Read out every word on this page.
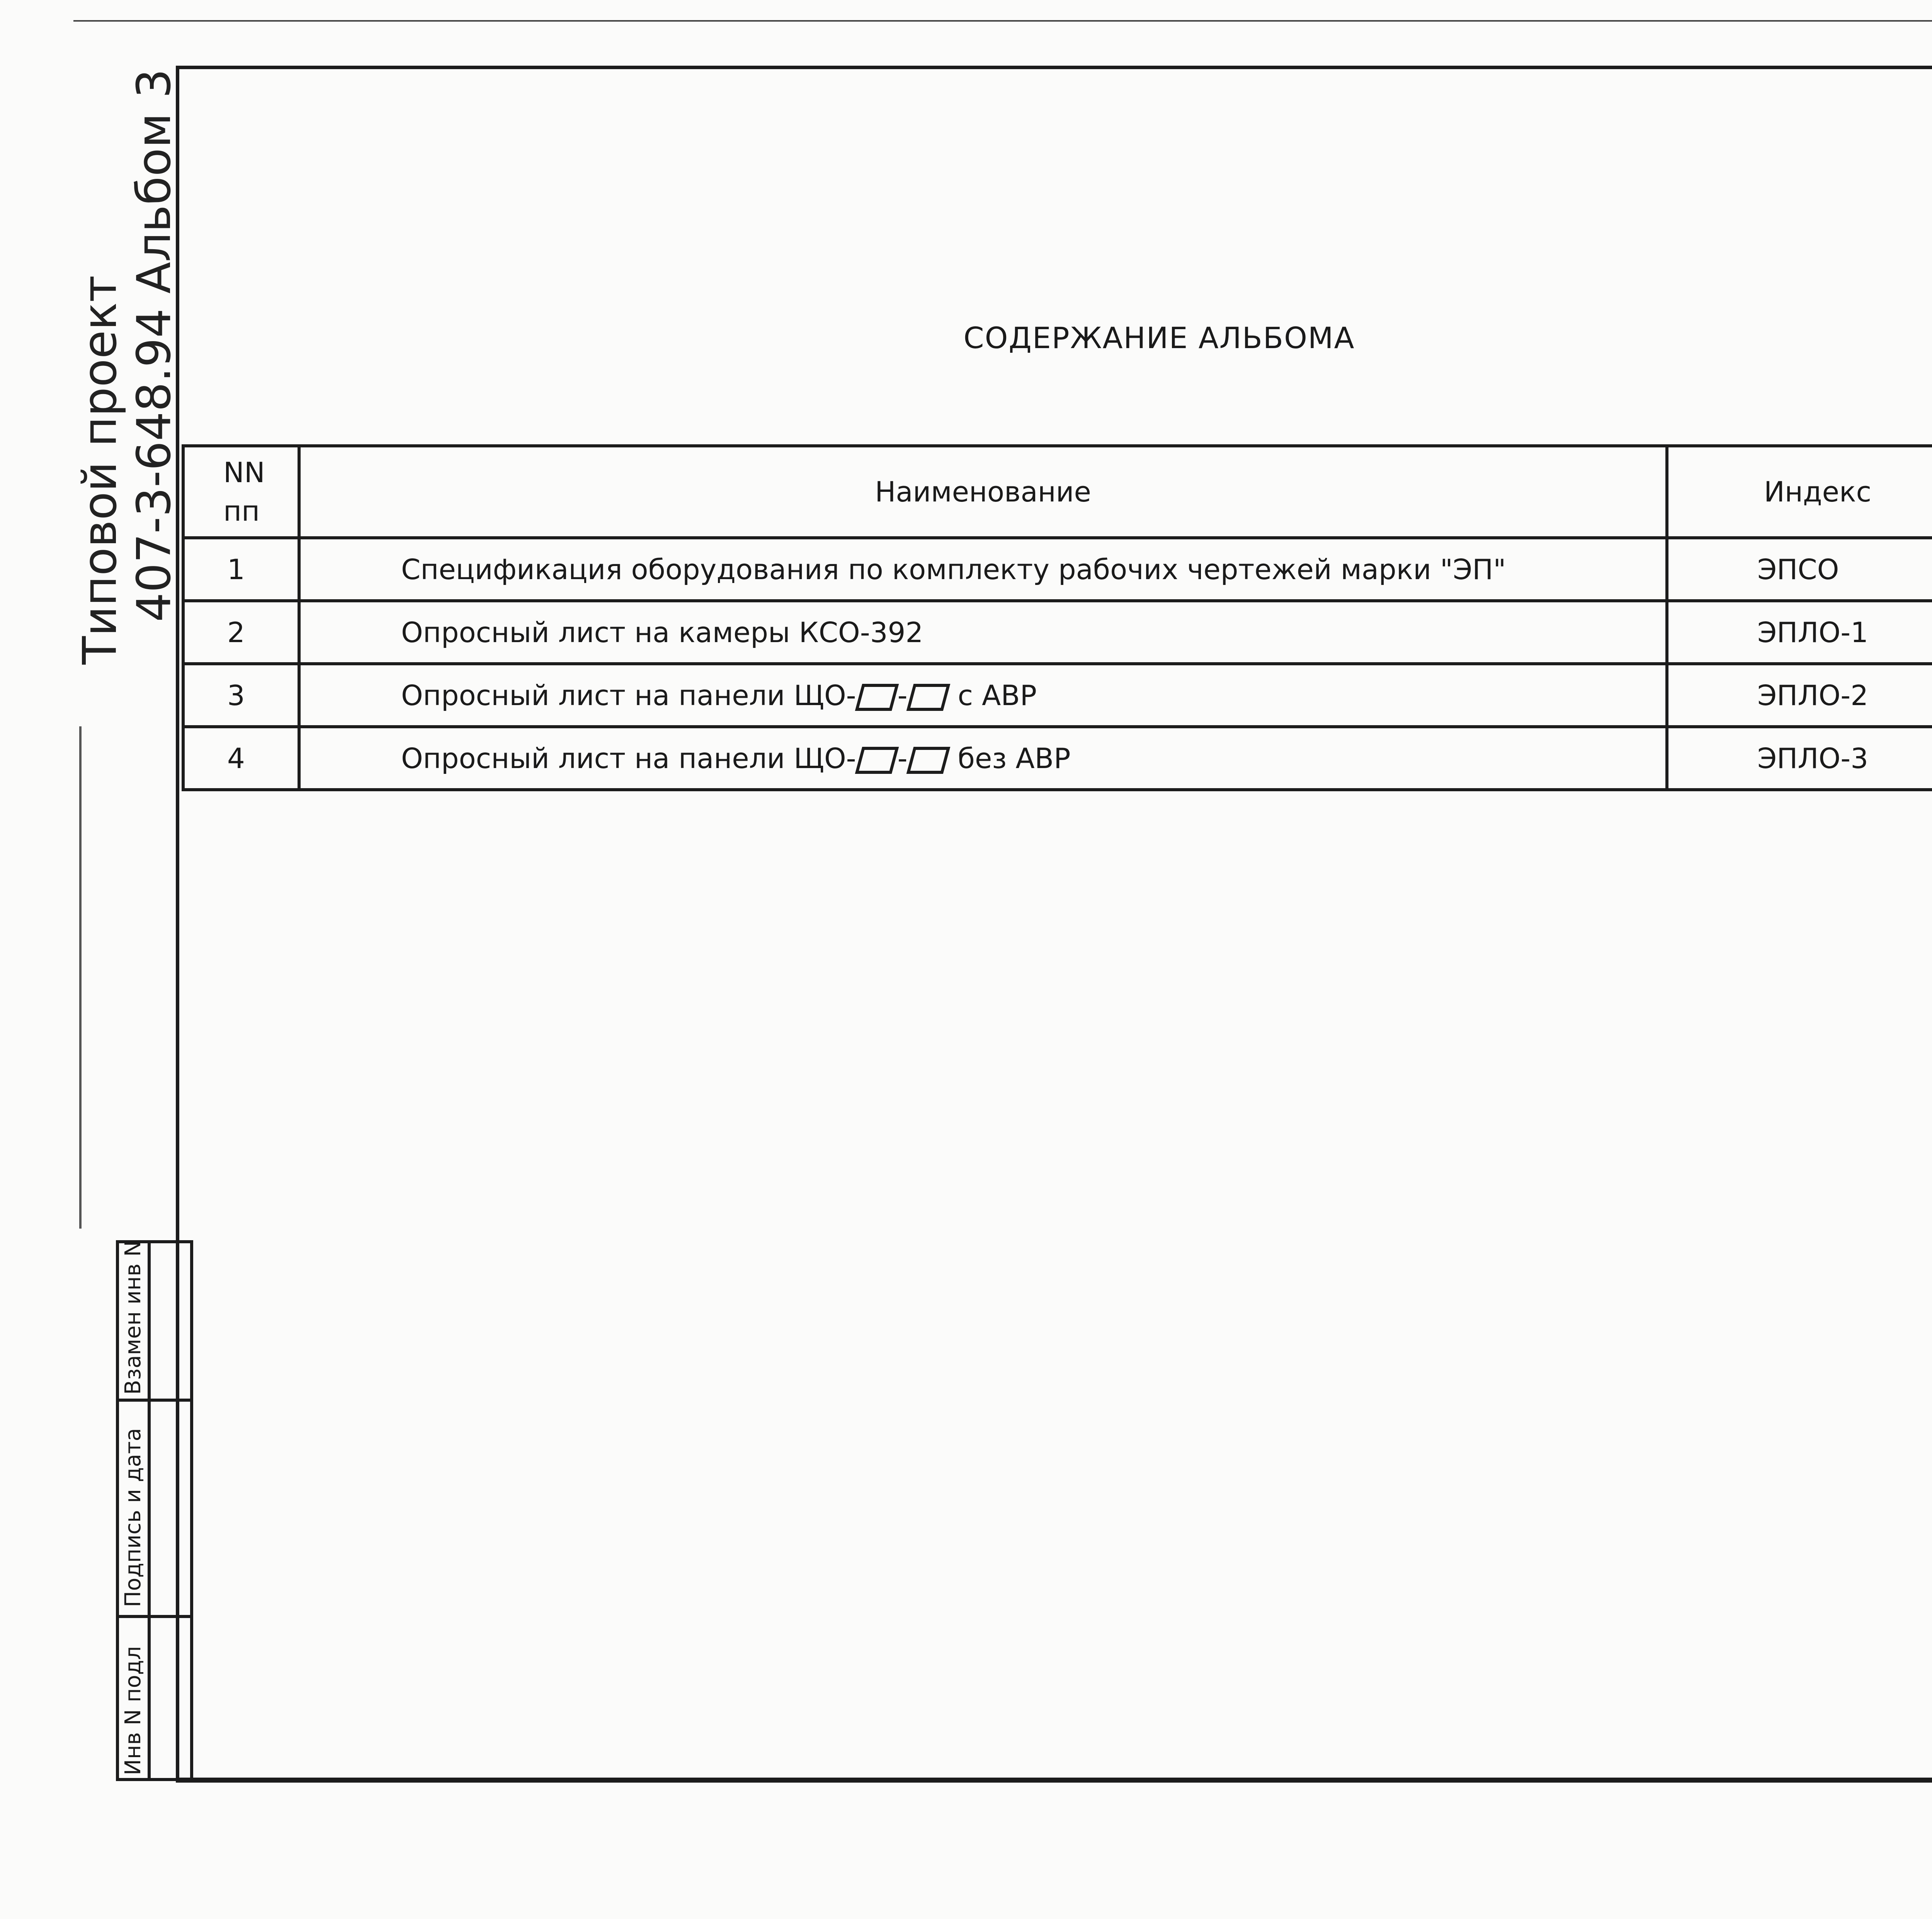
Типовой проект 407-3-648.94 Альбом 3	СОДЕРЖАНИЕ АЛЬБОМА
NN
пп	Наименование	Индекс	

1	Спецификация оборудования по комплекту рабочих чертежей марки "ЭП"	ЭПСО		
2	Опросный лист на камеры КСО-392	ЭПЛО-1		
3	Опросный лист на панели ЩО- - с АВР	ЭПЛО-2		
4	Опросный лист на панели ЩО- - без АВР	ЭПЛО-3		
Взамен инв N
Подпись и дата
Инв N подл
